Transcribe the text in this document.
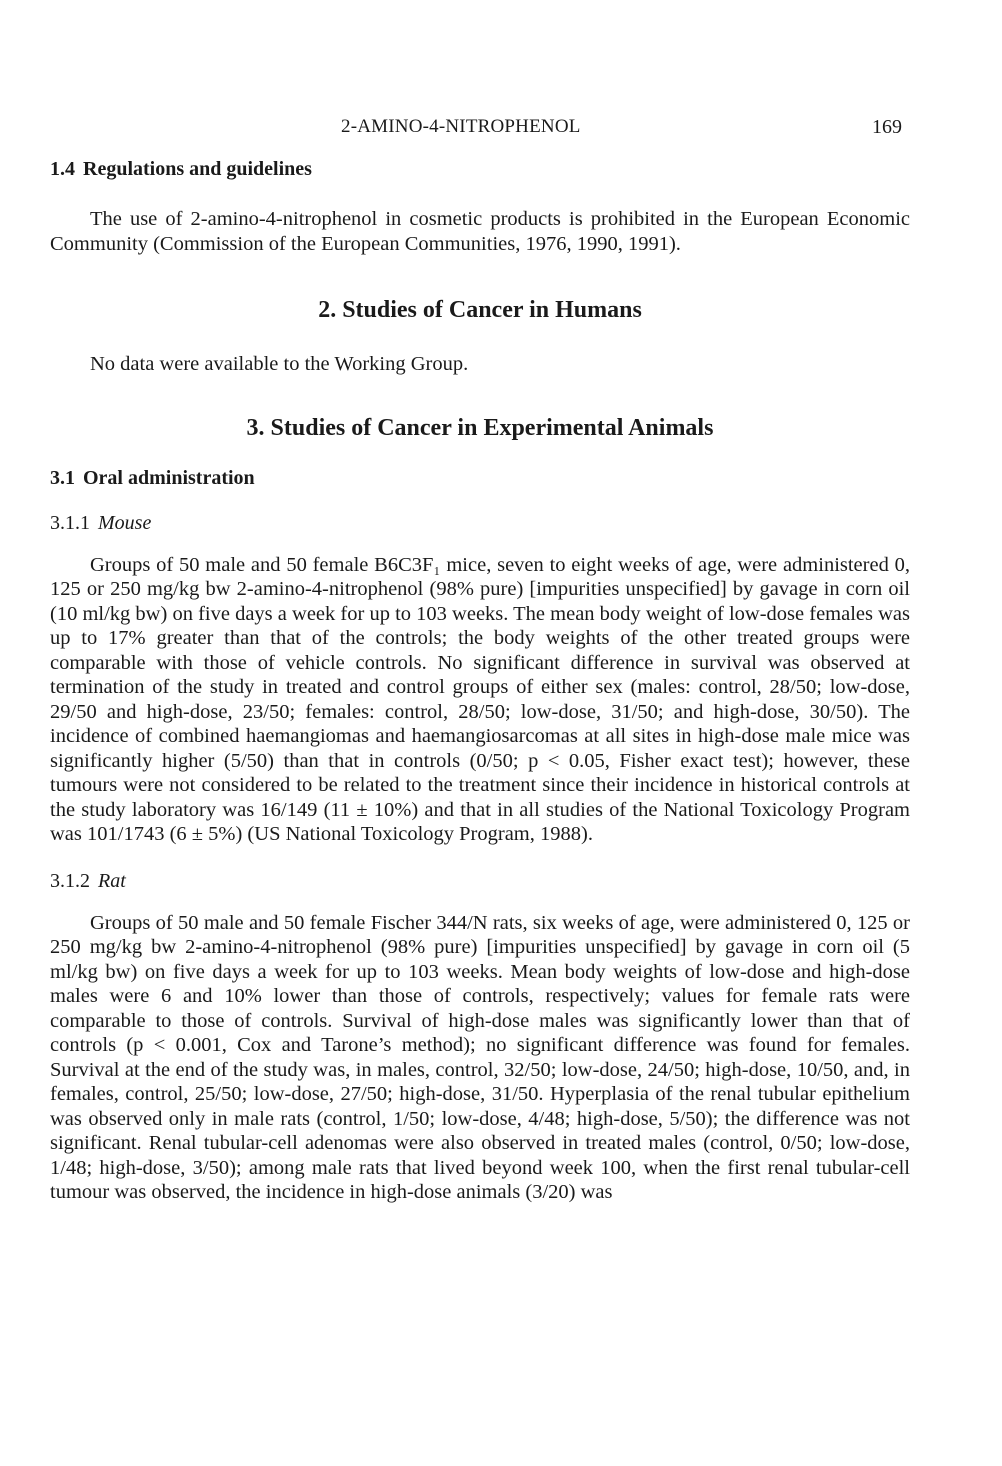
2-AMINO-4-NITROPHENOL	169
1.4 Regulations and guidelines

The use of 2-amino-4-nitrophenol in cosmetic products is prohibited in the European Economic Community (Commission of the European Communities, 1976, 1990, 1991).

2. Studies of Cancer in Humans

No data were available to the Working Group.

3. Studies of Cancer in Experimental Animals
3.1 Oral administration
3.1.1 Mouse

Groups of 50 male and 50 female B6C3F₁ mice, seven to eight weeks of age, were administered 0, 125 or 250 mg/kg bw 2-amino-4-nitrophenol (98% pure) [impurities unspecified] by gavage in corn oil (10 ml/kg bw) on five days a week for up to 103 weeks. The mean body weight of low-dose females was up to 17% greater than that of the controls; the body weights of the other treated groups were comparable with those of vehicle controls. No significant difference in survival was observed at termination of the study in treated and control groups of either sex (males: control, 28/50; low-dose, 29/50 and high-dose, 23/50; females: control, 28/50; low-dose, 31/50; and high-dose, 30/50). The incidence of combined haemangiomas and haemangiosarcomas at all sites in high-dose male mice was significantly higher (5/50) than that in controls (0/50; p < 0.05, Fisher exact test); however, these tumours were not considered to be related to the treatment since their incidence in historical controls at the study laboratory was 16/149 (11 ± 10%) and that in all studies of the National Toxicology Program was 101/1743 (6 ± 5%) (US National Toxicology Program, 1988).

3.1.2 Rat

Groups of 50 male and 50 female Fischer 344/N rats, six weeks of age, were administered 0, 125 or 250 mg/kg bw 2-amino-4-nitrophenol (98% pure) [impurities unspecified] by gavage in corn oil (5 ml/kg bw) on five days a week for up to 103 weeks. Mean body weights of low-dose and high-dose males were 6 and 10% lower than those of controls, respectively; values for female rats were comparable to those of controls. Survival of high-dose males was significantly lower than that of controls (p < 0.001, Cox and Tarone’s method); no significant difference was found for females. Survival at the end of the study was, in males, control, 32/50; low-dose, 24/50; high-dose, 10/50, and, in females, control, 25/50; low-dose, 27/50; high-dose, 31/50. Hyperplasia of the renal tubular epithelium was observed only in male rats (control, 1/50; low-dose, 4/48; high-dose, 5/50); the difference was not significant. Renal tubular-cell adenomas were also observed in treated males (control, 0/50; low-dose, 1/48; high-dose, 3/50); among male rats that lived beyond week 100, when the first renal tubular-cell tumour was observed, the incidence in high-dose animals (3/20) was
